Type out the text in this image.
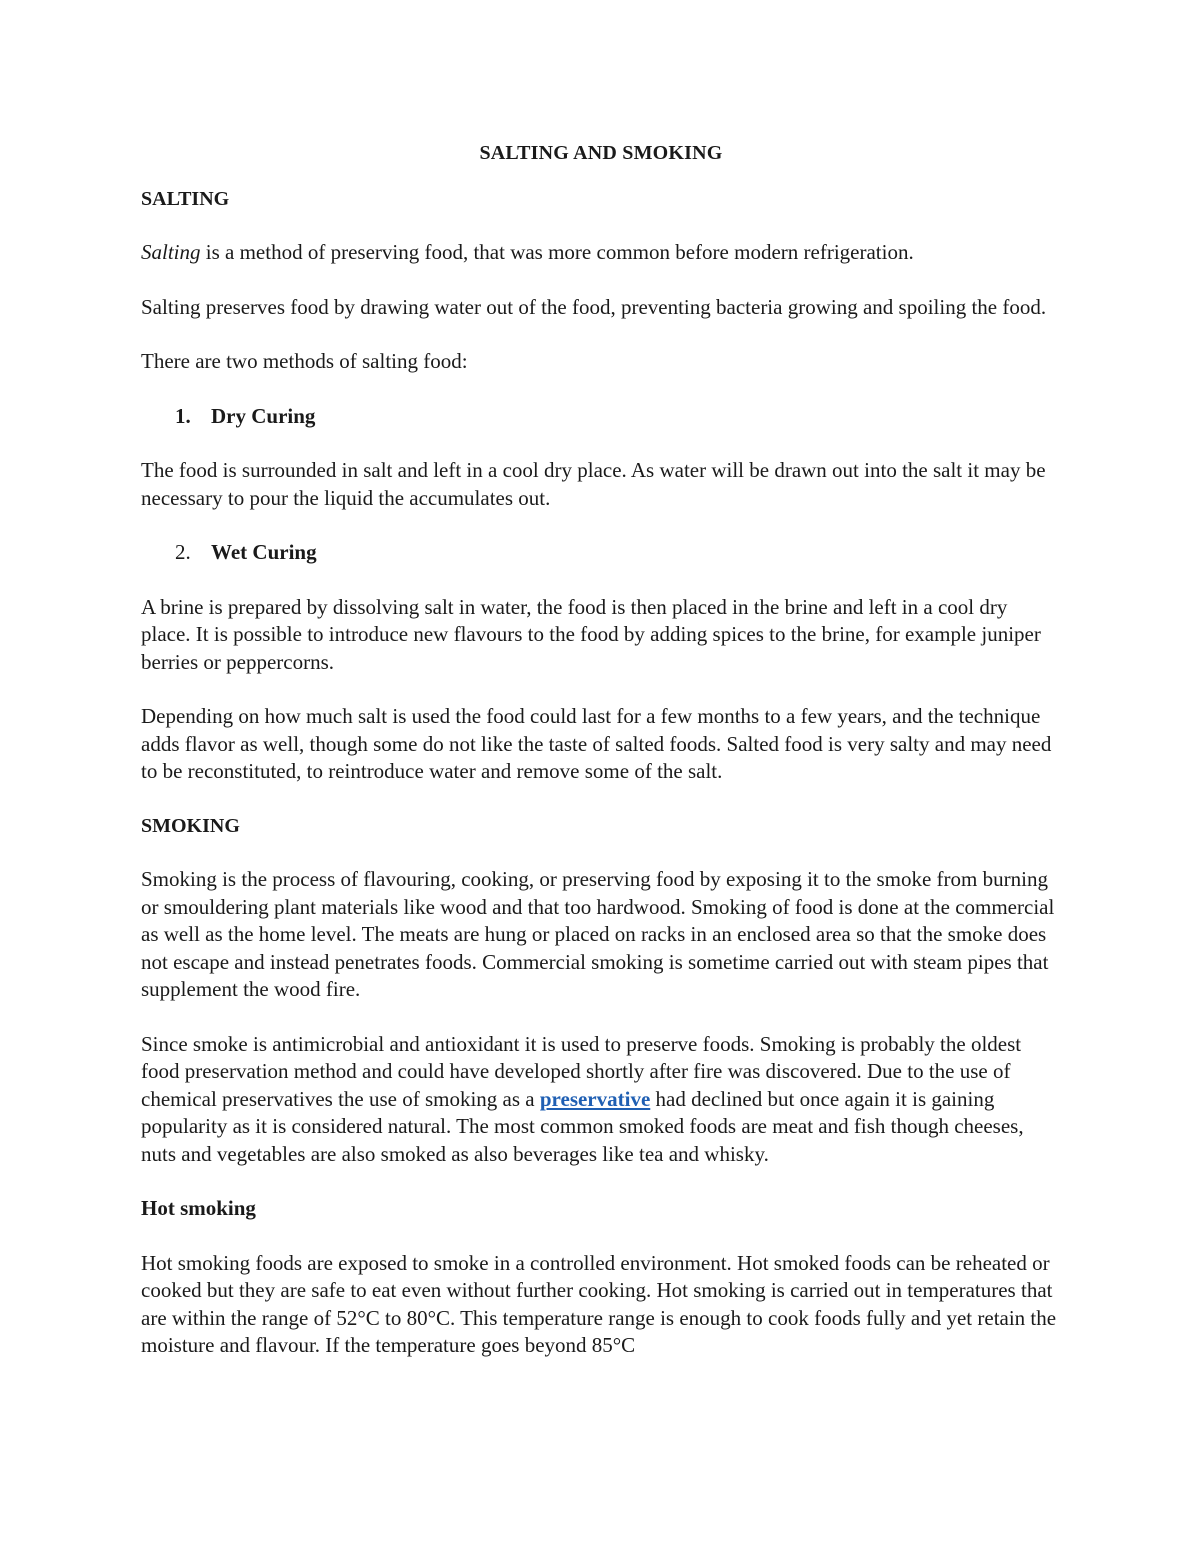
SALTING AND SMOKING
SALTING

Salting is a method of preserving food, that was more common before modern refrigeration.

Salting preserves food by drawing water out of the food, preventing bacteria growing and spoiling the food.

There are two methods of salting food:

1. Dry Curing

The food is surrounded in salt and left in a cool dry place. As water will be drawn out into the salt it may be necessary to pour the liquid the accumulates out.

2. Wet Curing

A brine is prepared by dissolving salt in water, the food is then placed in the brine and left in a cool dry place. It is possible to introduce new flavours to the food by adding spices to the brine, for example juniper berries or peppercorns.

Depending on how much salt is used the food could last for a few months to a few years, and the technique adds flavor as well, though some do not like the taste of salted foods. Salted food is very salty and may need to be reconstituted, to reintroduce water and remove some of the salt.

SMOKING

Smoking is the process of flavouring, cooking, or preserving food by exposing it to the smoke from burning or smouldering plant materials like wood and that too hardwood. Smoking of food is done at the commercial as well as the home level. The meats are hung or placed on racks in an enclosed area so that the smoke does not escape and instead penetrates foods. Commercial smoking is sometime carried out with steam pipes that supplement the wood fire.

Since smoke is antimicrobial and antioxidant it is used to preserve foods. Smoking is probably the oldest food preservation method and could have developed shortly after fire was discovered. Due to the use of chemical preservatives the use of smoking as a preservative had declined but once again it is gaining popularity as it is considered natural. The most common smoked foods are meat and fish though cheeses, nuts and vegetables are also smoked as also beverages like tea and whisky.

Hot smoking

Hot smoking foods are exposed to smoke in a controlled environment. Hot smoked foods can be reheated or cooked but they are safe to eat even without further cooking. Hot smoking is carried out in temperatures that are within the range of 52°C to 80°C. This temperature range is enough to cook foods fully and yet retain the moisture and flavour. If the temperature goes beyond 85°C
